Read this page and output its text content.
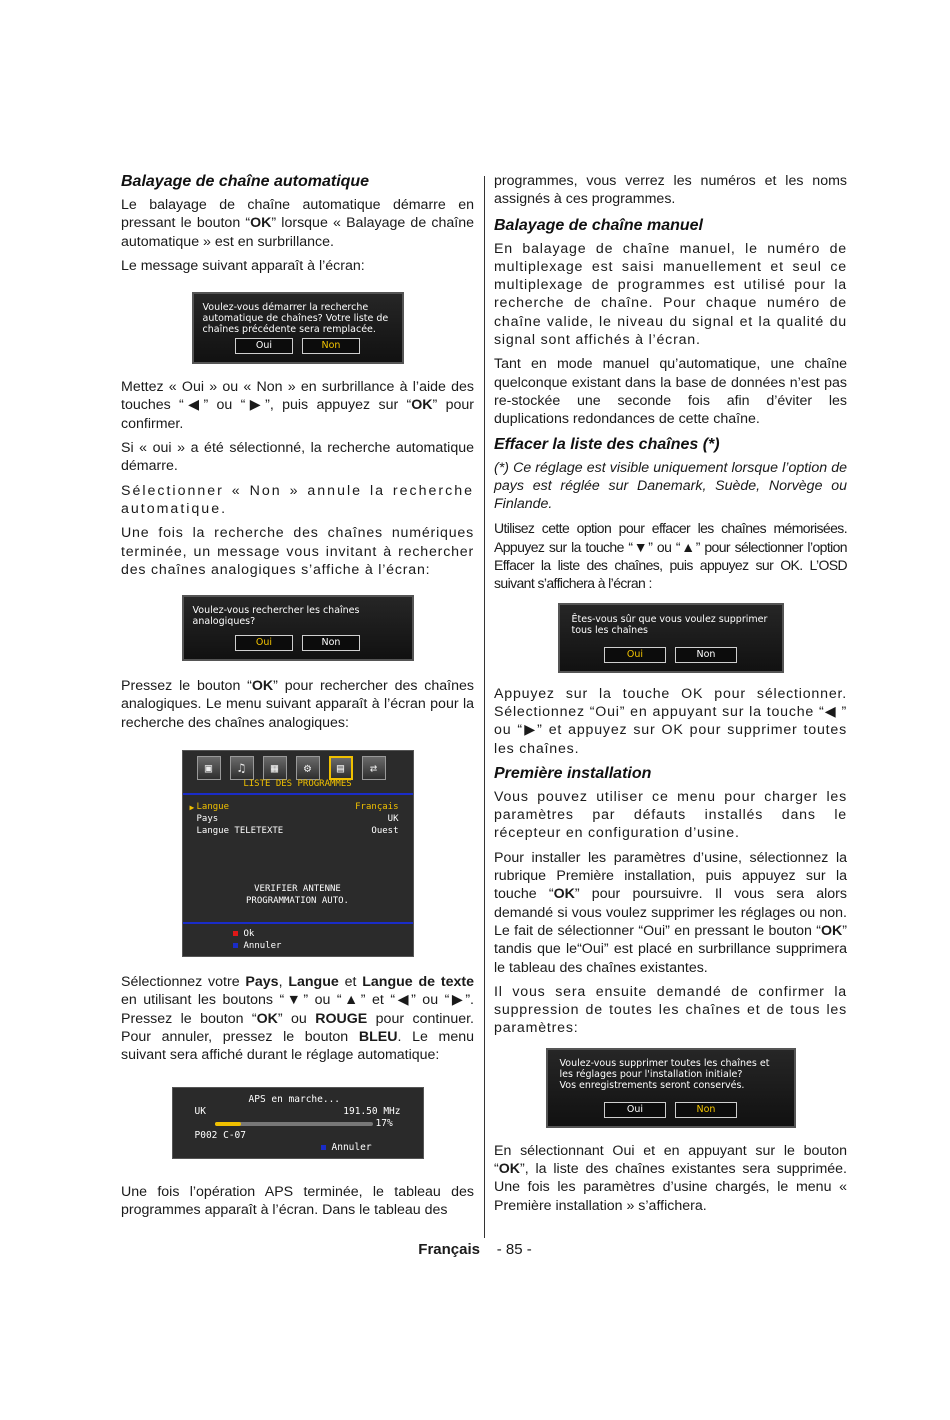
Balayage de chaîne automatique

Le balayage de chaîne automatique démarre en pressant le bouton “OK” lorsque « Balayage de chaîne automatique » est en surbrillance.

Le message suivant apparaît à l’écran:

Voulez-vous démarrer la recherche
automatique de chaînes? Votre liste de
chaînes précédente sera remplacée.
Oui	Non

Mettez « Oui » ou « Non » en surbrillance à l’aide des touches “◀” ou “▶”, puis appuyez sur “OK” pour confirmer.

Si « oui » a été sélectionné, la recherche automatique démarre.

Sélectionner « Non » annule la recherche automatique.

Une fois la recherche des chaînes numériques terminée, un message vous invitant à rechercher des chaînes analogiques s’affiche à l’écran:

Voulez-vous rechercher les chaînes
analogiques?
Oui	Non

Pressez le bouton “OK” pour rechercher des chaînes analogiques. Le menu suivant apparaît à l’écran pour la recherche des chaînes analogiques:

▣	♫	▦	⚙	▤	⇄
LISTE DES PROGRAMMES
▶ Langue	Français
Pays	UK
Langue TELETEXTE	Ouest
VERIFIER ANTENNE
PROGRAMMATION AUTO.
Ok
Annuler

Sélectionnez votre Pays, Langue et Langue de texte en utilisant les boutons “▼” ou “▲” et “◀” ou “▶”. Pressez le bouton “OK” ou ROUGE pour continuer. Pour annuler, pressez le bouton BLEU. Le menu suivant sera affiché durant le réglage automatique:

APS en marche...
UK	191.50 MHz
17%
P002 C-07
Annuler

Une fois l’opération APS terminée, le tableau des programmes apparaît à l’écran. Dans le tableau des

programmes, vous verrez les numéros et les noms assignés à ces programmes.

Balayage de chaîne manuel

En balayage de chaîne manuel, le numéro de multiplexage est saisi manuellement et seul ce multiplexage de programmes est utilisé pour la recherche de chaîne. Pour chaque numéro de chaîne valide, le niveau du signal et la qualité du signal sont affichés à l’écran.

Tant en mode manuel qu’automatique, une chaîne quelconque existant dans la base de données n’est pas re-stockée une seconde fois afin d’éviter les duplications redondances de cette chaîne.

Effacer la liste des chaînes (*)

(*) Ce réglage est visible uniquement lorsque l’option de pays est réglée sur Danemark, Suède, Norvège ou Finlande.

Utilisez cette option pour effacer les chaînes mémorisées. Appuyez sur la touche “▼” ou “▲” pour sélectionner l’option Effacer la liste des chaînes, puis appuyez sur OK. L’OSD suivant s’affichera à l’écran :

Êtes-vous sûr que vous voulez supprimer
tous les chaînes
Oui	Non

Appuyez sur la touche OK pour sélectionner. Sélectionnez “Oui” en appuyant sur la touche “◀ ” ou “▶” et appuyez sur OK pour supprimer toutes les chaînes.

Première installation

Vous pouvez utiliser ce menu pour charger les paramètres par défauts installés dans le récepteur en configuration d’usine.

Pour installer les paramètres d’usine, sélectionnez la rubrique Première installation, puis appuyez sur la touche “OK” pour poursuivre. Il vous sera alors demandé si vous voulez supprimer les réglages ou non. Le fait de sélectionner “Oui” en pressant le bouton “OK” tandis que le“Oui” est placé en surbrillance supprimera le tableau des chaînes existantes.

Il vous sera ensuite demandé de confirmer la suppression de toutes les chaînes et de tous les paramètres:

Voulez-vous supprimer toutes les chaînes et
les réglages pour l'installation initiale?
Vos enregistrements seront conservés.
Oui	Non

En sélectionnant Oui et en appuyant sur le bouton “OK”, la liste des chaînes existantes sera supprimée. Une fois les paramètres d’usine chargés, le menu « Première installation » s’affichera.

Français - 85 -
